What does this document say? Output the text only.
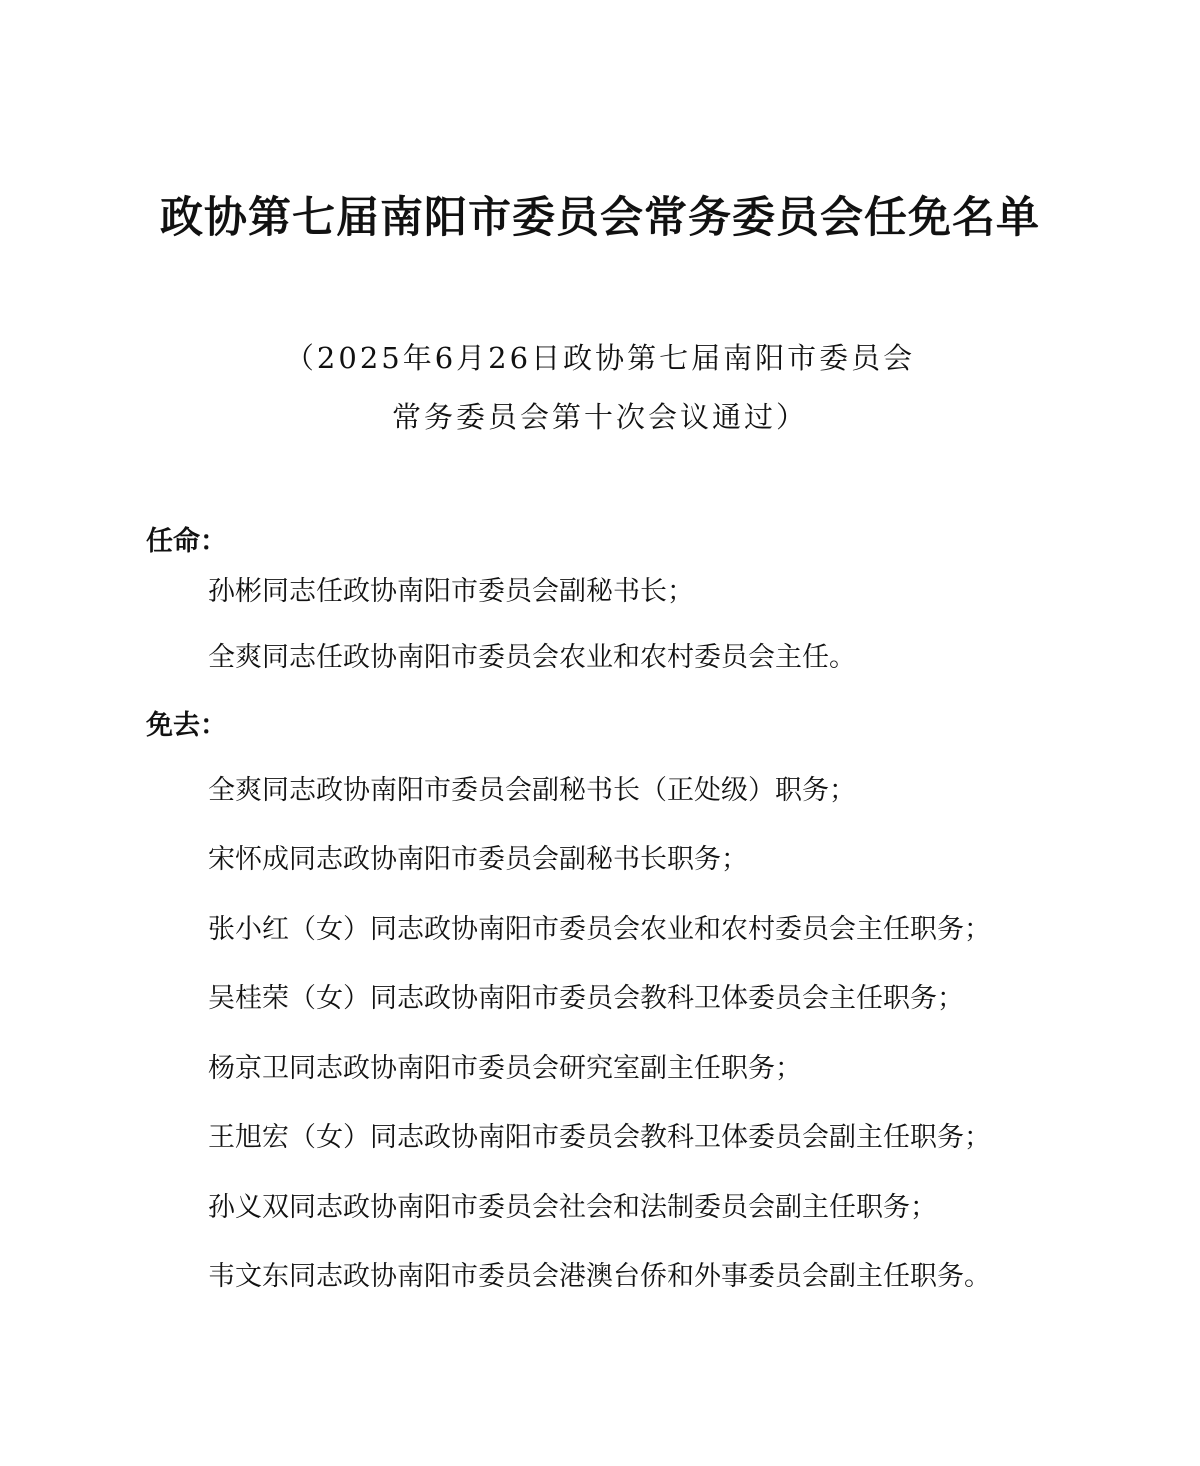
政协第七届南阳市委员会常务委员会任免名单
（2025年6月26日政协第七届南阳市委员会
常务委员会第十次会议通过）
任命：
孙彬同志任政协南阳市委员会副秘书长；
全爽同志任政协南阳市委员会农业和农村委员会主任。
免去：
全爽同志政协南阳市委员会副秘书长（正处级）职务；
宋怀成同志政协南阳市委员会副秘书长职务；
张小红（女）同志政协南阳市委员会农业和农村委员会主任职务；
吴桂荣（女）同志政协南阳市委员会教科卫体委员会主任职务；
杨京卫同志政协南阳市委员会研究室副主任职务；
王旭宏（女）同志政协南阳市委员会教科卫体委员会副主任职务；
孙义双同志政协南阳市委员会社会和法制委员会副主任职务；
韦文东同志政协南阳市委员会港澳台侨和外事委员会副主任职务。
